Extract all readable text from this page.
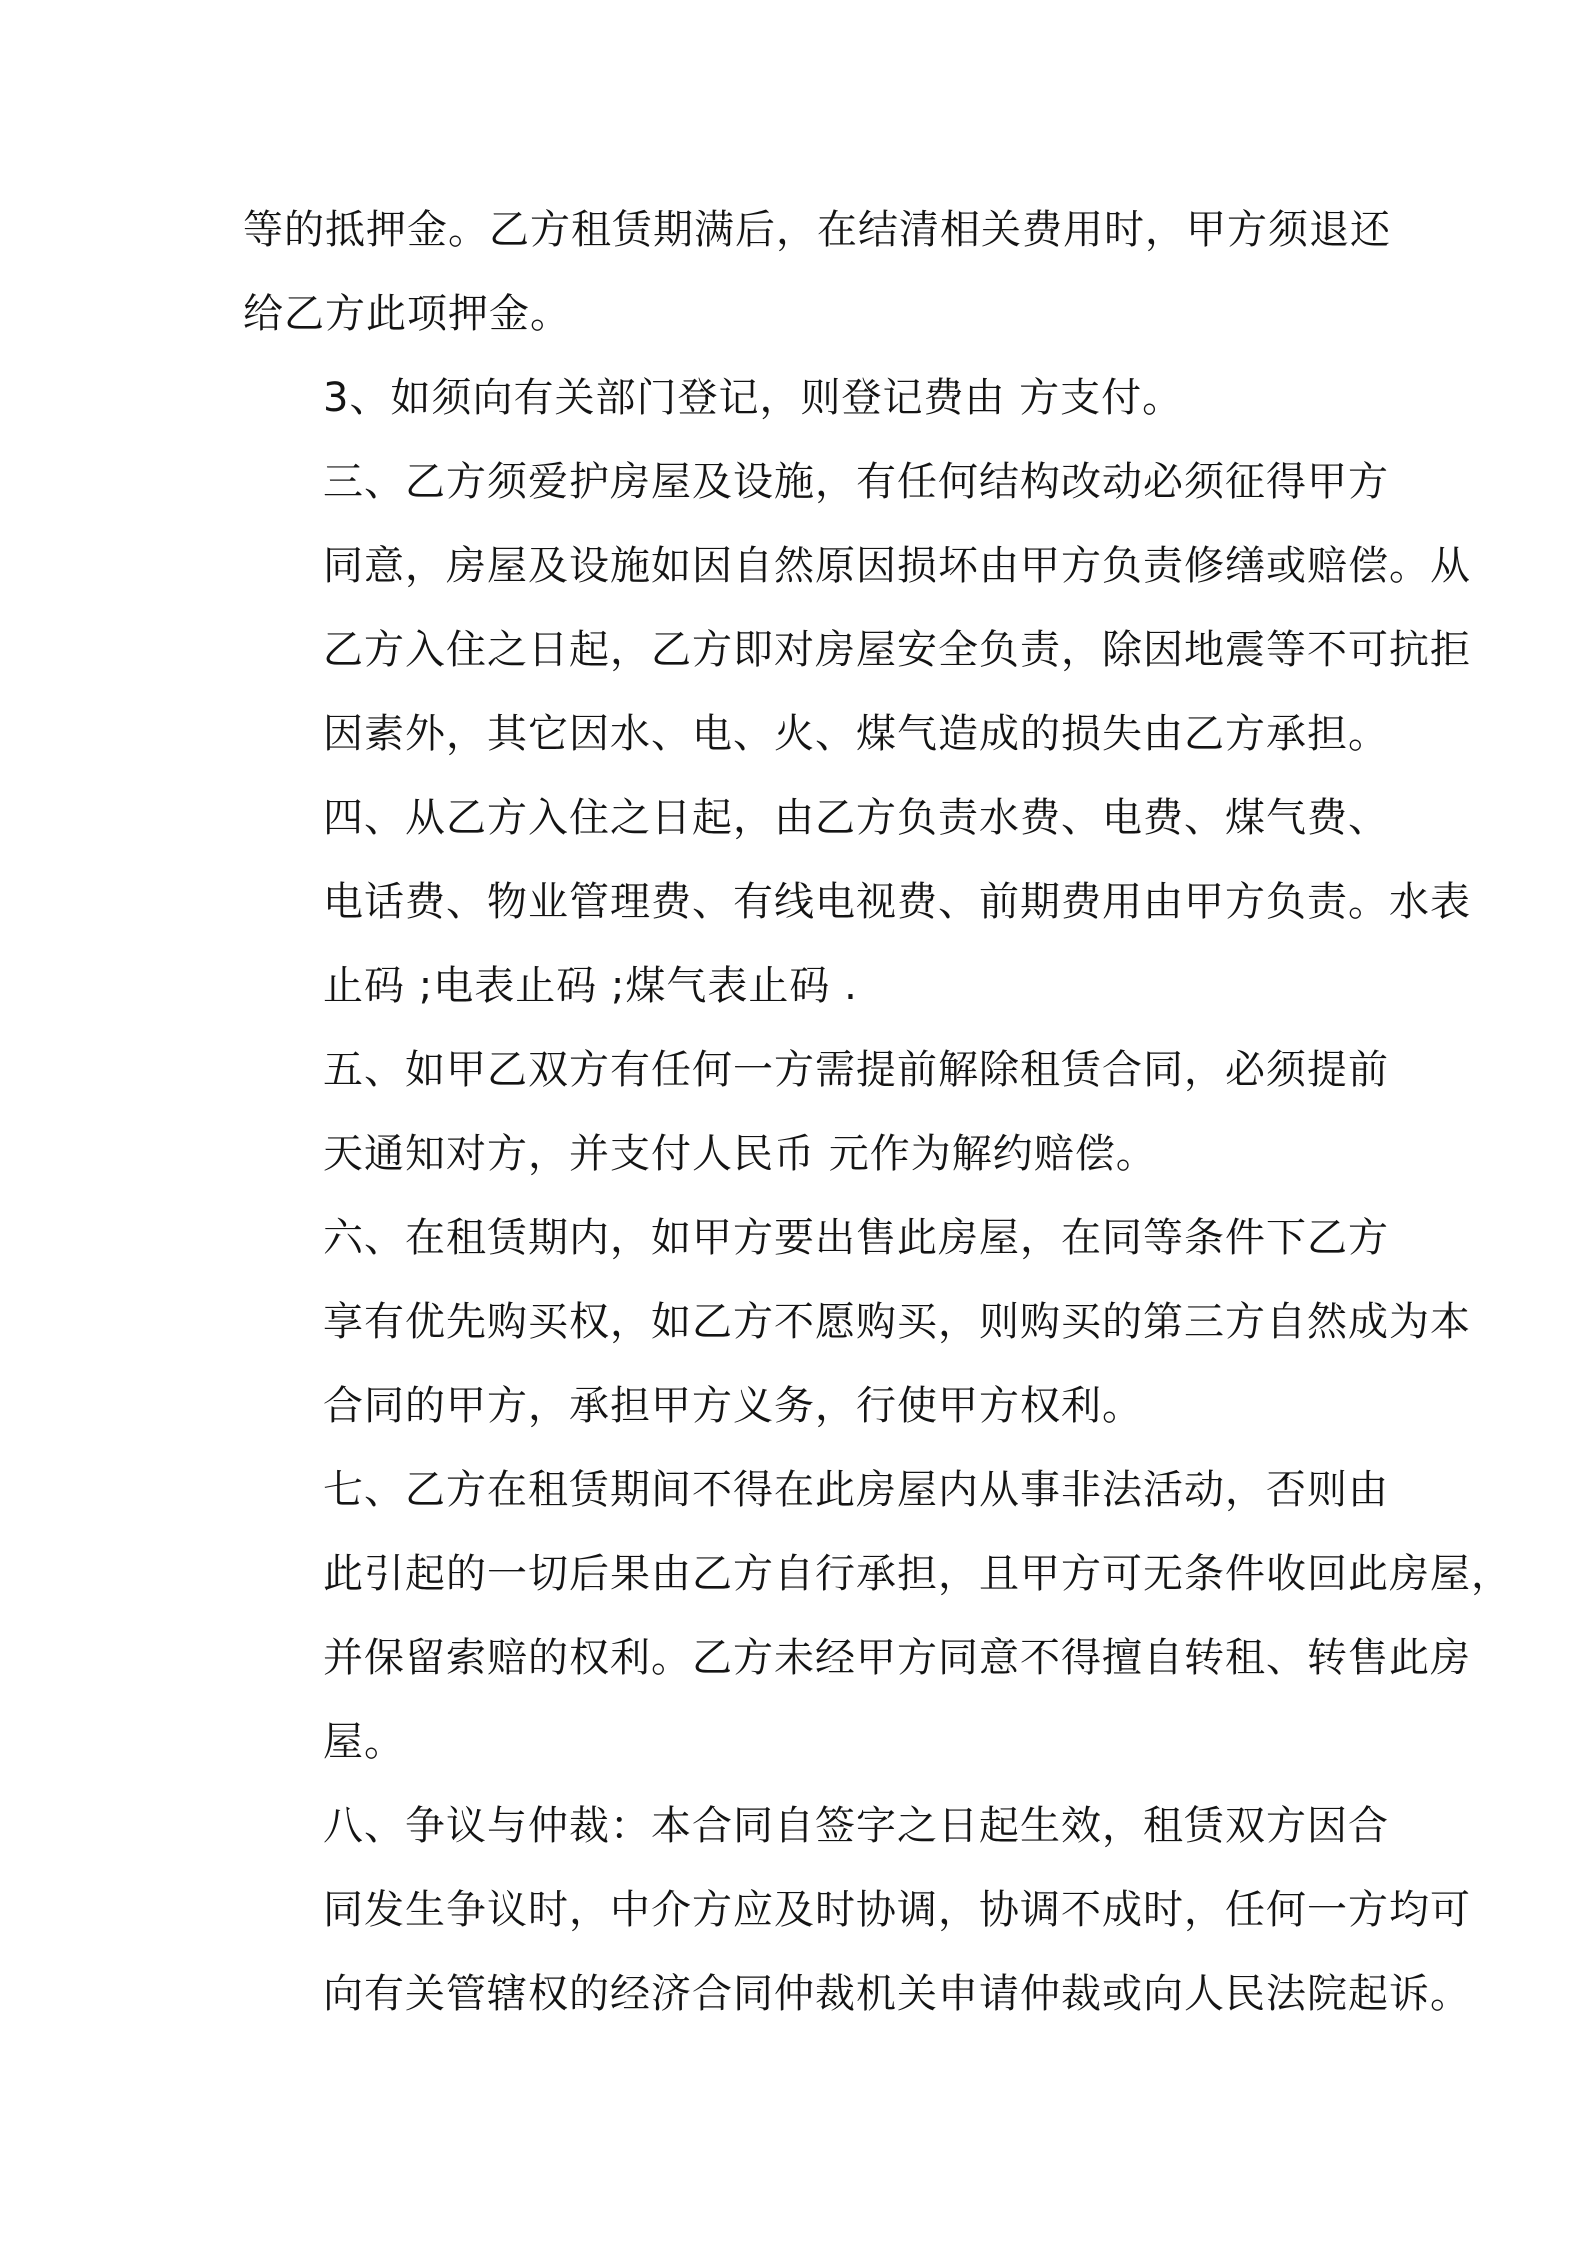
等的抵押金。乙方租赁期满后，在结清相关费用时，甲方须退还
给乙方此项押金。

3、如须向有关部门登记，则登记费由 方支付。

三、乙方须爱护房屋及设施，有任何结构改动必须征得甲方
同意，房屋及设施如因自然原因损坏由甲方负责修缮或赔偿。从
乙方入住之日起，乙方即对房屋安全负责，除因地震等不可抗拒
因素外，其它因水、电、火、煤气造成的损失由乙方承担。

四、从乙方入住之日起，由乙方负责水费、电费、煤气费、
电话费、物业管理费、有线电视费、前期费用由甲方负责。水表
止码 ;电表止码 ;煤气表止码 .

五、如甲乙双方有任何一方需提前解除租赁合同，必须提前
天通知对方，并支付人民币 元作为解约赔偿。

六、在租赁期内，如甲方要出售此房屋，在同等条件下乙方
享有优先购买权，如乙方不愿购买，则购买的第三方自然成为本
合同的甲方，承担甲方义务，行使甲方权利。

七、乙方在租赁期间不得在此房屋内从事非法活动，否则由
此引起的一切后果由乙方自行承担，且甲方可无条件收回此房屋，
并保留索赔的权利。乙方未经甲方同意不得擅自转租、转售此房
屋。

八、争议与仲裁：本合同自签字之日起生效，租赁双方因合
同发生争议时，中介方应及时协调，协调不成时，任何一方均可
向有关管辖权的经济合同仲裁机关申请仲裁或向人民法院起诉。
